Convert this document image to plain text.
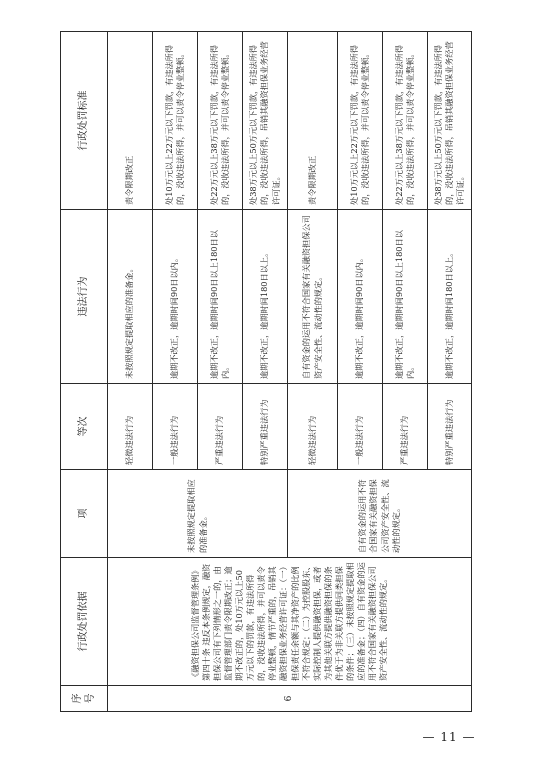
序号	行政处罚依据	项	等次	违法行为	行政处罚标准
6	《融资担保公司监督管理条例》第四十条 违反本条例规定，融资担保公司有下列情形之一的，由监督管理部门责令限期改正；逾期不改正的，处10万元以上50万元以下的罚款，有违法所得的，没收违法所得，并可以责令停业整顿，情节严重的，吊销其融资担保业务经营许可证：（一）担保责任余额与其净资产的比例不符合规定；（二）为控股股东、实际控制人提供融资担保，或者为其他关联方提供融资担保的条件优于为非关联方提供同类担保的条件；（三）未按照规定提取相应的准备金；（四）自有资金的运用不符合国家有关融资担保公司资产安全性、流动性的规定。	未按照规定提取相应的准备金。	轻微违法行为	未按照规定提取相应的准备金。	责令限期改正
			一般违法行为	逾期不改正，逾期时间90日以内。	处10万元以上22万元以下罚款，有违法所得的，没收违法所得，并可以责令停业整顿。
			严重违法行为	逾期不改正，逾期时间90日以上180日以内。	处22万元以上38万元以下罚款，有违法所得的，没收违法所得，并可以责令停业整顿。
			特别严重违法行为	逾期不改正，逾期时间180日以上。	处38万元以上50万元以下罚款，有违法所得的，没收违法所得，吊销其融资担保业务经营许可证。
		自有资金的运用不符合国家有关融资担保公司资产安全性、流动性的规定。	轻微违法行为	自有资金的运用不符合国家有关融资担保公司资产安全性、流动性的规定。	责令限期改正
			一般违法行为	逾期不改正，逾期时间90日以内。	处10万元以上22万元以下罚款，有违法所得的，没收违法所得，并可以责令停业整顿。
			严重违法行为	逾期不改正，逾期时间90日以上180日以内。	处22万元以上38万元以下罚款，有违法所得的，没收违法所得，并可以责令停业整顿。
			特别严重违法行为	逾期不改正，逾期时间180日以上。	处38万元以上50万元以下罚款，有违法所得的，没收违法所得，吊销其融资担保业务经营许可证。
— 11 —
